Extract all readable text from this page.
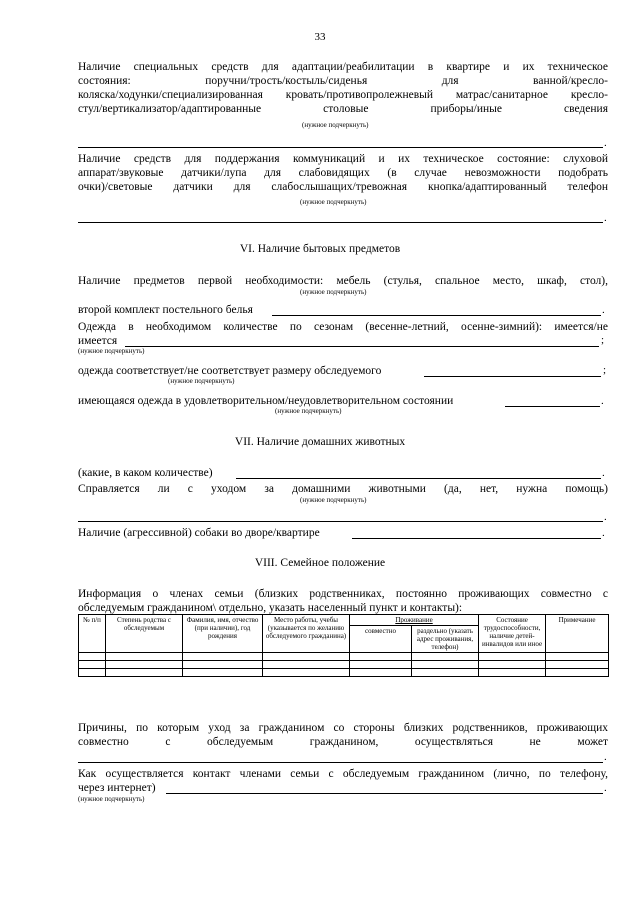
33
Наличие специальных средств для адаптации/реабилитации в квартире и их техническое
состояния: поручни/трость/костыль/сиденья для ванной/кресло-
коляска/ходунки/специализированная кровать/противопролежневый матрас/санитарное кресло-
стул/вертикализатор/адаптированные столовые приборы/иные сведения
(нужное подчеркнуть)
.
Наличие средств для поддержания коммуникаций и их техническое состояние: слуховой
аппарат/звуковые датчики/лупа для слабовидящих (в случае невозможности подобрать
очки)/световые датчики для слабослышащих/тревожная кнопка/адаптированный телефон
(нужное подчеркнуть)
.
VI. Наличие бытовых предметов
Наличие предметов первой необходимости: мебель (стулья, спальное место, шкаф, стол),
(нужное подчеркнуть)
второй комплект постельного белья	.
Одежда в необходимом количестве по сезонам (весенне-летний, осенне-зимний): имеется/не
имеется	;
(нужное подчеркнуть)
одежда соответствует/не соответствует размеру обследуемого	;
(нужное подчеркнуть)
имеющаяся одежда в удовлетворительном/неудовлетворительном состоянии	.
(нужное подчеркнуть)
VII. Наличие домашних животных
(какие, в каком количестве)	.
Справляется ли с уходом за домашними животными (да, нет, нужна помощь)
(нужное подчеркнуть)
.
Наличие (агрессивной) собаки во дворе/квартире	.
VIII. Семейное положение
Информация о членах семьи (близких родственниках, постоянно проживающих совместно с
обследуемым гражданином\ отдельно, указать населенный пункт и контакты):
№ п/п	Степень родства с обследуемым	Фамилия, имя, отчество (при наличии), год рождения	Место работы, учебы (указывается по желанию обследуемого гражданина)	Проживание		Состояние трудоспособности, наличие детей-инвалидов или иное	Примечание
				совместно	раздельно (указать адрес проживания, телефон)		

Причины, по которым уход за гражданином со стороны близких родственников, проживающих
совместно с обследуемым гражданином, осуществляться не может
.
Как осуществляется контакт членами семьи с обследуемым гражданином (лично, по телефону,
через интернет)	.
(нужное подчеркнуть)
